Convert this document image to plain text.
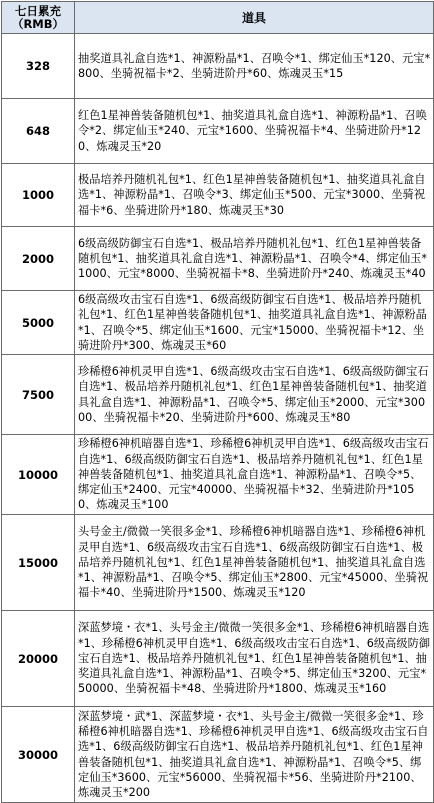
七日累充
（RMB）	道具
328	抽奖道具礼盒自选*1、神源粉晶*1、召唤令*1、绑定仙玉*120、元宝*800、坐骑祝福卡*2、坐骑进阶丹*60、炼魂灵玉*15
648	红色1星神兽装备随机包*1、抽奖道具礼盒自选*1、神源粉晶*1、召唤令*2、绑定仙玉*240、元宝*1600、坐骑祝福卡*4、坐骑进阶丹*120、炼魂灵玉*20
1000	极品培养丹随机礼包*1、红色1星神兽装备随机包*1、抽奖道具礼盒自选*1、神源粉晶*1、召唤令*3、绑定仙玉*500、元宝*3000、坐骑祝福卡*6、坐骑进阶丹*180、炼魂灵玉*30
2000	6级高级防御宝石自选*1、极品培养丹随机礼包*1、红色1星神兽装备随机包*1、抽奖道具礼盒自选*1、神源粉晶*1、召唤令*4、绑定仙玉*1000、元宝*8000、坐骑祝福卡*8、坐骑进阶丹*240、炼魂灵玉*40
5000	6级高级攻击宝石自选*1、6级高级防御宝石自选*1、极品培养丹随机礼包*1、红色1星神兽装备随机包*1、抽奖道具礼盒自选*1、神源粉晶*1、召唤令*5、绑定仙玉*1600、元宝*15000、坐骑祝福卡*12、坐骑进阶丹*300、炼魂灵玉*60
7500	珍稀橙6神机灵甲自选*1、6级高级攻击宝石自选*1、6级高级防御宝石自选*1、极品培养丹随机礼包*1、红色1星神兽装备随机包*1、抽奖道具礼盒自选*1、神源粉晶*1、召唤令*5、绑定仙玉*2000、元宝*30000、坐骑祝福卡*20、坐骑进阶丹*600、炼魂灵玉*80
10000	珍稀橙6神机暗器自选*1、珍稀橙6神机灵甲自选*1、6级高级攻击宝石自选*1、6级高级防御宝石自选*1、极品培养丹随机礼包*1、红色1星神兽装备随机包*1、抽奖道具礼盒自选*1、神源粉晶*1、召唤令*5、绑定仙玉*2400、元宝*40000、坐骑祝福卡*32、坐骑进阶丹*1050、炼魂灵玉*100
15000	头号金主/微微一笑很多金*1、珍稀橙6神机暗器自选*1、珍稀橙6神机灵甲自选*1、6级高级攻击宝石自选*1、6级高级防御宝石自选*1、极品培养丹随机礼包*1、红色1星神兽装备随机包*1、抽奖道具礼盒自选*1、神源粉晶*1、召唤令*5、绑定仙玉*2800、元宝*45000、坐骑祝福卡*40、坐骑进阶丹*1500、炼魂灵玉*120
20000	深蓝梦境・衣*1、头号金主/微微一笑很多金*1、珍稀橙6神机暗器自选*1、珍稀橙6神机灵甲自选*1、6级高级攻击宝石自选*1、6级高级防御宝石自选*1、极品培养丹随机礼包*1、红色1星神兽装备随机包*1、抽奖道具礼盒自选*1、神源粉晶*1、召唤令*5、绑定仙玉*3200、元宝*50000、坐骑祝福卡*48、坐骑进阶丹*1800、炼魂灵玉*160
30000	深蓝梦境・武*1、深蓝梦境・衣*1、头号金主/微微一笑很多金*1、珍稀橙6神机暗器自选*1、珍稀橙6神机灵甲自选*1、6级高级攻击宝石自选*1、6级高级防御宝石自选*1、极品培养丹随机礼包*1、红色1星神兽装备随机包*1、抽奖道具礼盒自选*1、神源粉晶*1、召唤令*5、绑定仙玉*3600、元宝*56000、坐骑祝福卡*56、坐骑进阶丹*2100、炼魂灵玉*200
